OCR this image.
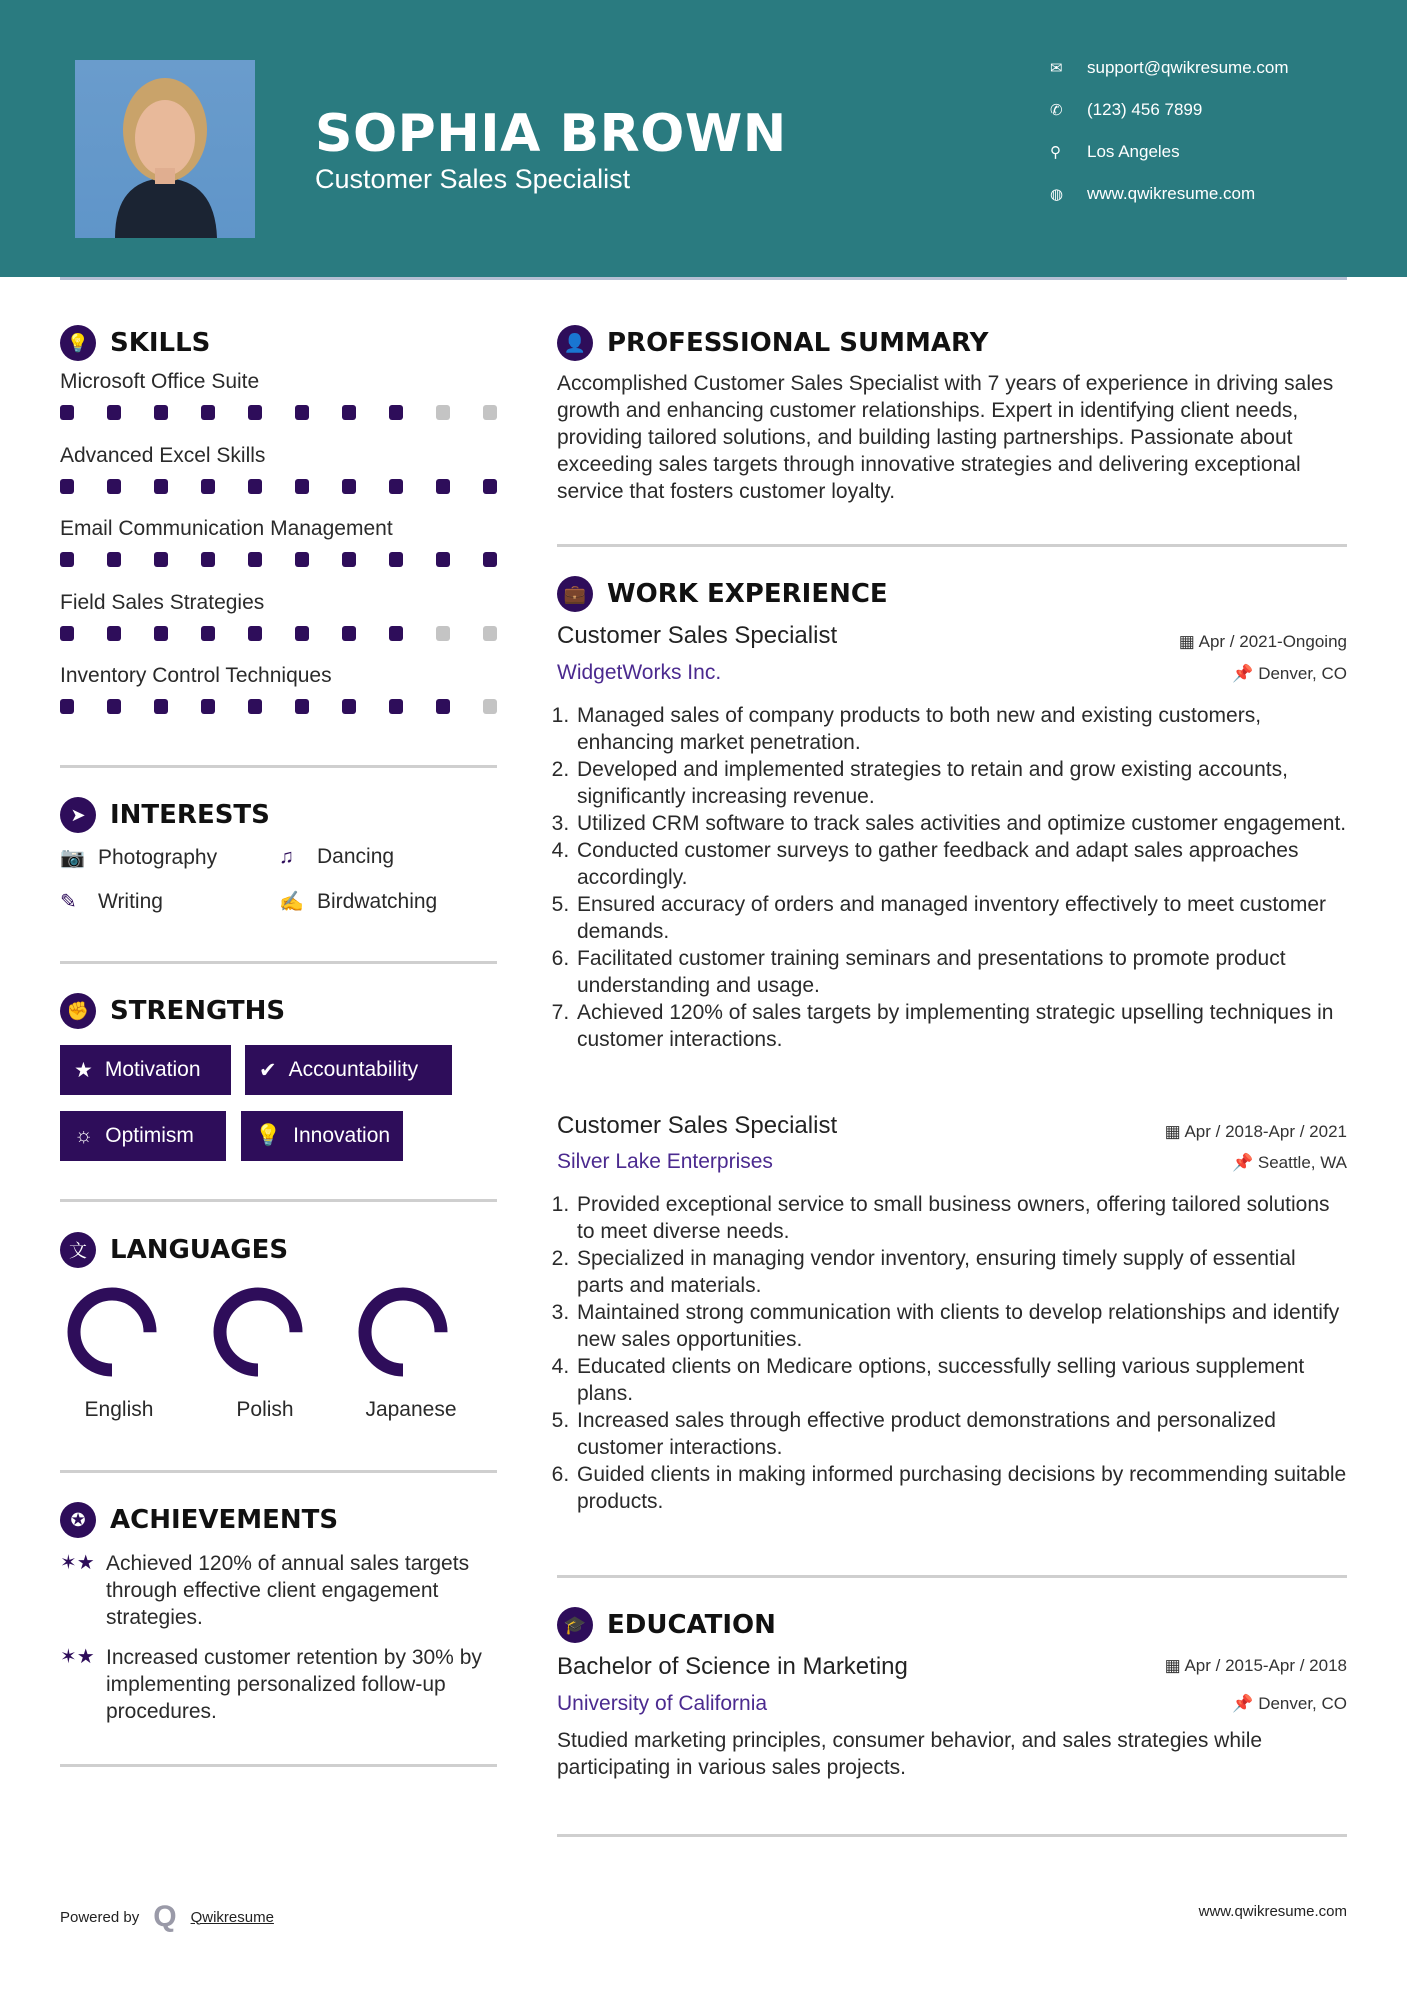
SOPHIA BROWN
Customer Sales Specialist
✉	support@qwikresume.com
✆	(123) 456 7899
⚲	Los Angeles
◍	www.qwikresume.com
💡 SKILLS
Microsoft Office Suite
Advanced Excel Skills
Email Communication Management
Field Sales Strategies
Inventory Control Techniques
➤ INTERESTS
📷 Photography	♫	Dancing
✎	Writing	✍ Birdwatching
✊ STRENGTHS
★ Motivation	✔ Accountability
☼ Optimism	💡 Innovation
文 LANGUAGES
English	Polish	Japanese
✪ ACHIEVEMENTS
✶★ Achieved 120% of annual sales targets through effective client engagement strategies.
✶★ Increased customer retention by 30% by implementing personalized follow-up procedures.
👤 PROFESSIONAL SUMMARY
Accomplished Customer Sales Specialist with 7 years of experience in driving sales growth and enhancing customer relationships. Expert in identifying client needs, providing tailored solutions, and building lasting partnerships. Passionate about exceeding sales targets through innovative strategies and delivering exceptional service that fosters customer loyalty.
💼 WORK EXPERIENCE
Customer Sales Specialist	▦ Apr / 2021-Ongoing
WidgetWorks Inc.	📌 Denver, CO
1. Managed sales of company products to both new and existing customers, enhancing market penetration.
2. Developed and implemented strategies to retain and grow existing accounts, significantly increasing revenue.
3. Utilized CRM software to track sales activities and optimize customer engagement.
4. Conducted customer surveys to gather feedback and adapt sales approaches accordingly.
5. Ensured accuracy of orders and managed inventory effectively to meet customer demands.
6. Facilitated customer training seminars and presentations to promote product understanding and usage.
7. Achieved 120% of sales targets by implementing strategic upselling techniques in customer interactions.
Customer Sales Specialist	▦ Apr / 2018-Apr / 2021
Silver Lake Enterprises	📌 Seattle, WA
1. Provided exceptional service to small business owners, offering tailored solutions to meet diverse needs.
2. Specialized in managing vendor inventory, ensuring timely supply of essential parts and materials.
3. Maintained strong communication with clients to develop relationships and identify new sales opportunities.
4. Educated clients on Medicare options, successfully selling various supplement plans.
5. Increased sales through effective product demonstrations and personalized customer interactions.
6. Guided clients in making informed purchasing decisions by recommending suitable products.
🎓 EDUCATION
Bachelor of Science in Marketing	▦ Apr / 2015-Apr / 2018
University of California	📌 Denver, CO
Studied marketing principles, consumer behavior, and sales strategies while participating in various sales projects.
Powered by Q Qwikresume	www.qwikresume.com
